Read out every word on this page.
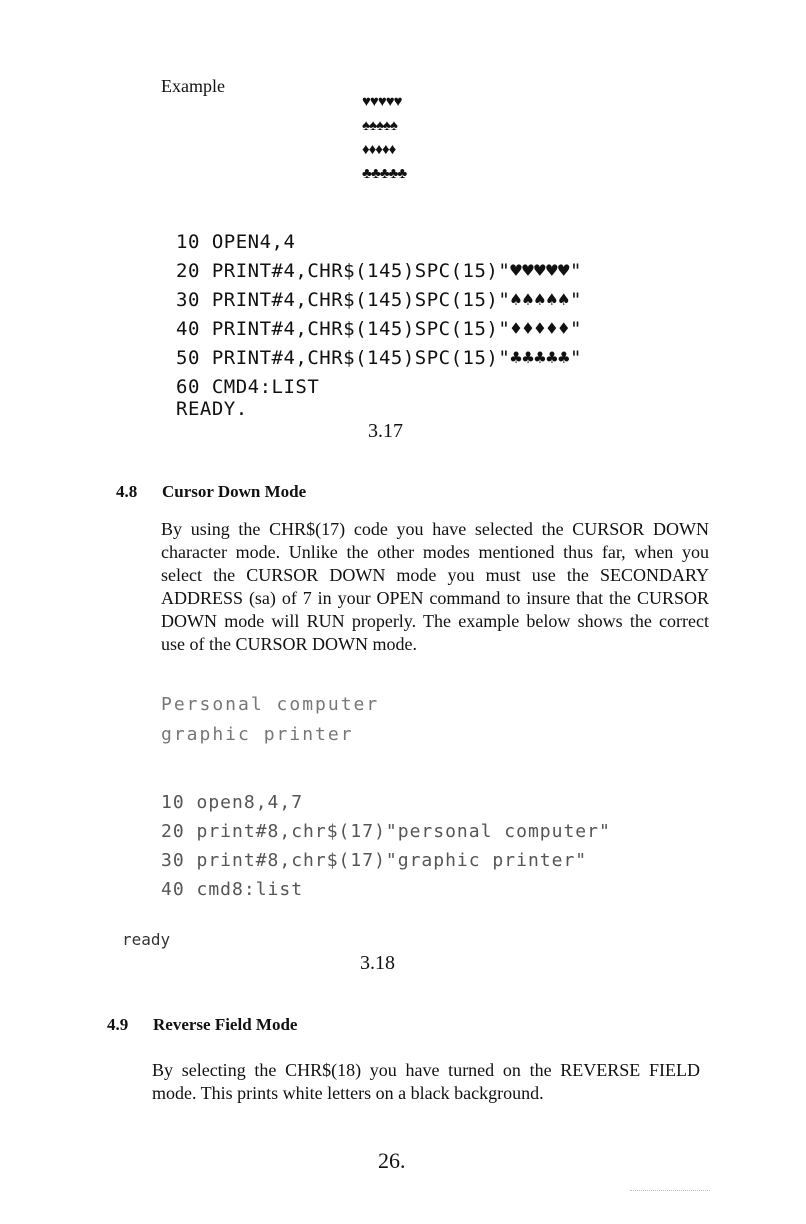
Example
♥♥♥♥♥
♠♠♠♠♠
♦♦♦♦♦
♣♣♣♣♣
10 OPEN4,4
20 PRINT#4,CHR$(145)SPC(15)"♥♥♥♥♥"
30 PRINT#4,CHR$(145)SPC(15)"♠♠♠♠♠"
40 PRINT#4,CHR$(145)SPC(15)"♦♦♦♦♦"
50 PRINT#4,CHR$(145)SPC(15)"♣♣♣♣♣"
60 CMD4:LIST
READY.
3.17
4.8 Cursor Down Mode
By using the CHR$(17) code you have selected the CURSOR DOWN character mode. Unlike the other modes mentioned thus far, when you select the CURSOR DOWN mode you must use the SECONDARY ADDRESS (sa) of 7 in your OPEN command to insure that the CURSOR DOWN mode will RUN properly. The example below shows the correct use of the CURSOR DOWN mode.
Personal computer
graphic printer
10 open8,4,7
20 print#8,chr$(17)"personal computer"
30 print#8,chr$(17)"graphic printer"
40 cmd8:list
ready
3.18
4.9 Reverse Field Mode
By selecting the CHR$(18) you have turned on the REVERSE FIELD mode. This prints white letters on a black background.
26.
